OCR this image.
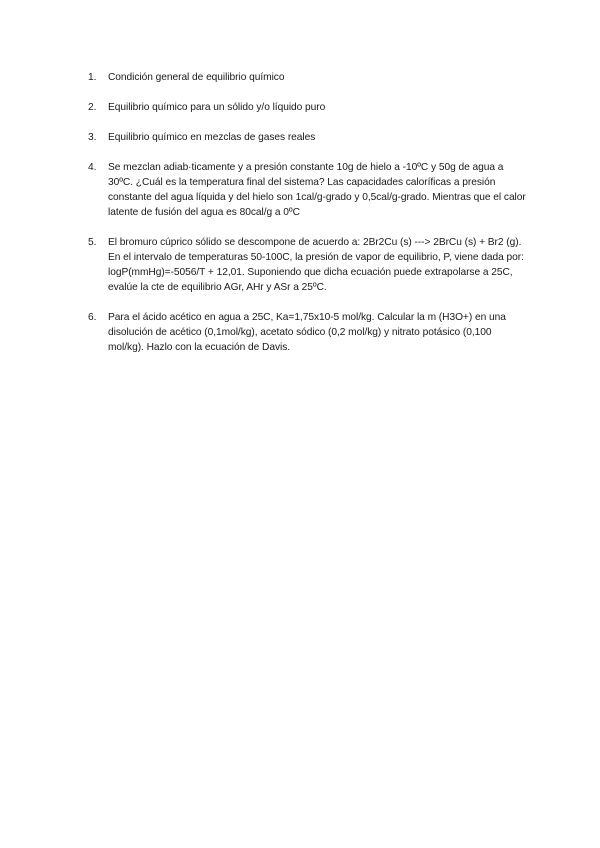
1.	Condición general de equilibrio químico
2.	Equilibrio químico para un sólido y/o líquido puro
3.	Equilibrio químico en mezclas de gases reales
4.	Se mezclan adiab·ticamente y a presión constante 10g de hielo a -10ºC y 50g de agua a 30ºC. ¿Cuál es la temperatura final del sistema? Las capacidades caloríficas a presión constante del agua líquida y del hielo son 1cal/g-grado y 0,5cal/g-grado. Mientras que el calor latente de fusión del agua es 80cal/g a 0ºC
5.	El bromuro cúprico sólido se descompone de acuerdo a: 2Br2Cu (s) ---> 2BrCu (s) + Br2 (g). En el intervalo de temperaturas 50-100C, la presión de vapor de equilibrio, P, viene dada por: logP(mmHg)=-5056/T + 12,01. Suponiendo que dicha ecuación puede extrapolarse a 25C, evalúe la cte de equilibrio AGr, AHr y ASr a 25ºC.
6.	Para el ácido acético en agua a 25C, Ka=1,75x10-5 mol/kg. Calcular la m (H3O+) en una disolución de acético (0,1mol/kg), acetato sódico (0,2 mol/kg) y nitrato potásico (0,100 mol/kg). Hazlo con la ecuación de Davis.
